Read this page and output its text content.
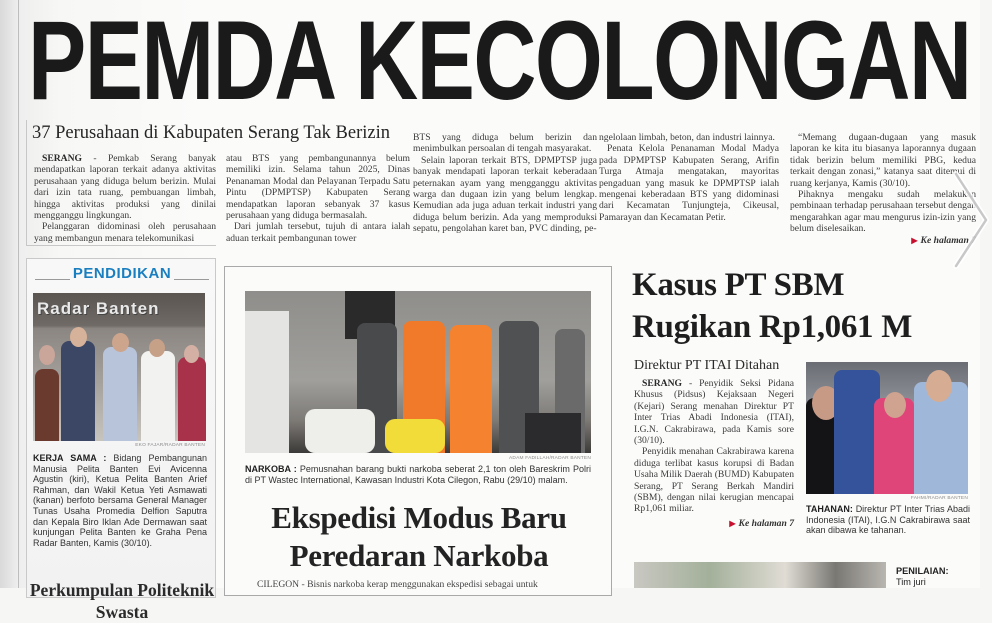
PEMDA KECOLONGAN
37 Perusahaan di Kabupaten Serang Tak Berizin

SERANG - Pemkab Serang banyak mendapatkan laporan terkait adanya aktivitas perusahaan yang diduga belum berizin. Mulai dari izin tata ruang, pembuangan limbah, hingga aktivitas produksi yang dinilai mengganggu lingkungan.

Pelanggaran didominasi oleh perusahaan yang membangun menara telekomunikasi

atau BTS yang pembangunannya belum memiliki izin. Selama tahun 2025, Dinas Penanaman Modal dan Pelayanan Terpadu Satu Pintu (DPMPTSP) Kabupaten Serang mendapatkan laporan sebanyak 37 kasus perusahaan yang diduga bermasalah.

Dari jumlah tersebut, tujuh di antara ialah aduan terkait pembangunan tower

BTS yang diduga belum berizin dan menimbulkan persoalan di tengah masyarakat.

Selain laporan terkait BTS, DPMPTSP juga banyak mendapati laporan terkait keberadaan peternakan ayam yang mengganggu aktivitas warga dan dugaan izin yang belum lengkap. Kemudian ada juga aduan terkait industri yang diduga belum berizin. Ada yang memproduksi sepatu, pengolahan karet ban, PVC dinding, pe-

ngelolaan limbah, beton, dan industri lainnya.

Penata Kelola Penanaman Modal Madya pada DPMPTSP Kabupaten Serang, Arifin Turga Atmaja mengatakan, mayoritas pengaduan yang masuk ke DPMPTSP ialah mengenai keberadaan BTS yang didominasi dari Kecamatan Tunjungteja, Cikeusal, Pamarayan dan Kecamatan Petir.

“Memang dugaan-dugaan yang masuk laporan ke kita itu biasanya laporannya dugaan tidak berizin belum memiliki PBG, kedua terkait dengan zonasi,” katanya saat ditemui di ruang kerjanya, Kamis (30/10).

Pihaknya mengaku sudah melakukan pembinaan terhadap perusahaan tersebut dengan mengarahkan agar mau mengurus izin-izin yang belum diselesaikan.

▶ Ke halaman 7
PENDIDIKAN
Radar Banten
EKO FAJAR/RADAR BANTEN
KERJA SAMA : Bidang Pembangunan Manusia Pelita Banten Evi Avicenna Agustin (kiri), Ketua Pelita Banten Arief Rahman, dan Wakil Ketua Yeti Asmawati (kanan) berfoto bersama General Manager Tunas Usaha Promedia Delfion Saputra dan Kepala Biro Iklan Ade Dermawan saat kunjungan Pelita Banten ke Graha Pena Radar Banten, Kamis (30/10).
Perkumpulan Politeknik Swasta
ADAM FADILLAH/RADAR BANTEN
NARKOBA : Pemusnahan barang bukti narkoba seberat 2,1 ton oleh Bareskrim Polri di PT Wastec International, Kawasan Industri Kota Cilegon, Rabu (29/10) malam.
Ekspedisi Modus Baru
Peredaran Narkoba
CILEGON - Bisnis narkoba kerap menggunakan ekspedisi sebagai untuk
Kasus PT SBM
Rugikan Rp1,061 M
Direktur PT ITAI Ditahan

SERANG - Penyidik Seksi Pidana Khusus (Pidsus) Kejaksaan Negeri (Kejari) Serang menahan Direktur PT Inter Trias Abadi Indonesia (ITAI), I.G.N. Cakrabirawa, pada Kamis sore (30/10).

Penyidik menahan Cakrabirawa karena diduga terlibat kasus korupsi di Badan Usaha Milik Daerah (BUMD) Kabupaten Serang, PT Serang Berkah Mandiri (SBM), dengan nilai kerugian mencapai Rp1,061 miliar.

▶ Ke halaman 7
FAHMI/RADAR BANTEN
TAHANAN: Direktur PT Inter Trias Abadi Indonesia (ITAI), I.G.N Cakrabirawa saat akan dibawa ke tahanan.
PENILAIAN:
Tim juri
